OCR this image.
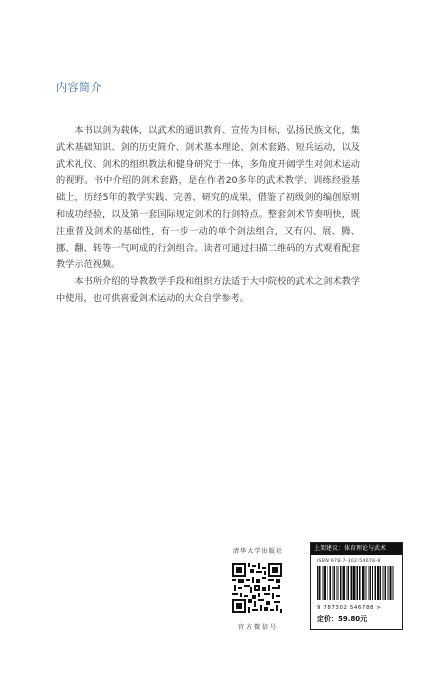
内容简介

本书以剑为载体，以武术的通识教育、宣传为目标，弘扬民族文化，集武术基础知识、剑的历史简介、剑术基本理论、剑术套路、短兵运动，以及武术礼仪、剑术的组织教法和健身研究于一体，多角度开阔学生对剑术运动的视野。书中介绍的剑术套路，是在作者20多年的武术教学、训练经验基础上，历经5年的教学实践、完善、研究的成果，借鉴了初级剑的编创原则和成功经验，以及第一套国际规定剑术的行剑特点。整套剑术节奏明快，既注重普及剑术的基础性，有一步一动的单个剑法组合，又有闪、展、腾、挪、翻、转等一气呵成的行剑组合。读者可通过扫描二维码的方式观看配套教学示范视频。

本书所介绍的导教教学手段和组织方法适于大中院校的武术之剑术教学中使用，也可供喜爱剑术运动的大众自学参考。

清华大学出版社
官方微信号
上架建议：体育理论与武术
ISBN 978-7-302-54678-8
9 787302 546788 >
定价：59.80元
